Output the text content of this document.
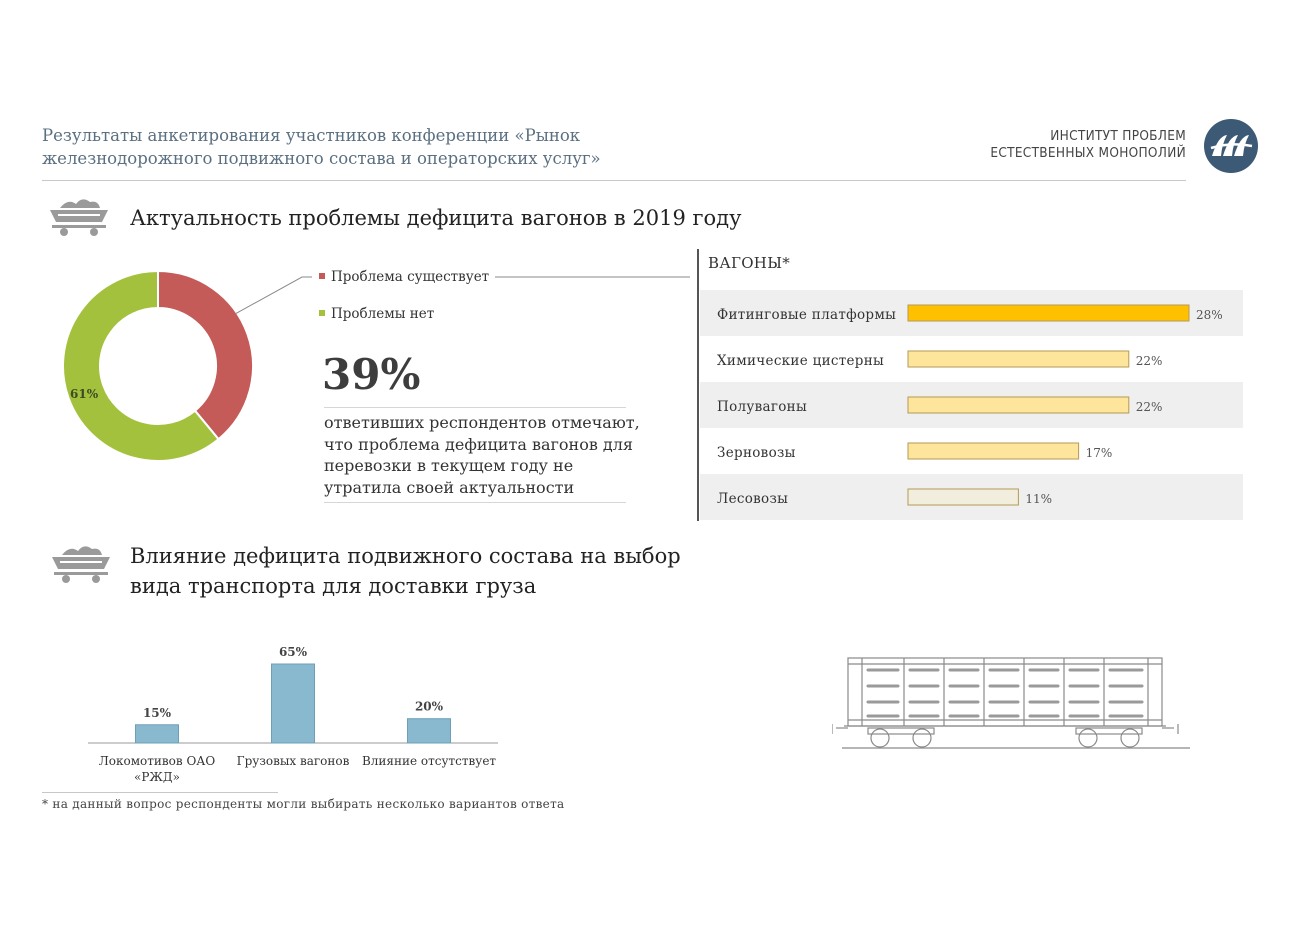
Результаты анкетирования участников конференции «Рынок железнодорожного подвижного состава и операторских услуг»
ИНСТИТУТ ПРОБЛЕМ
ЕСТЕСТВЕННЫХ МОНОПОЛИЙ
Актуальность проблемы дефицита вагонов в 2019 году
61%
Проблема существует
Проблемы нет
39%
ответивших респондентов отмечают, что проблема дефицита вагонов для перевозки в текущем году не утратила своей актуальности
ВАГОНЫ*
Фитинговые платформы	28%
Химические цистерны	22%
Полувагоны	22%
Зерновозы	17%
Лесовозы	11%
Влияние дефицита подвижного состава на выбор вида транспорта для доставки груза
15%
65%
20%
Локомотивов ОАО «РЖД»
Грузовых вагонов Влияние отсутствует
* на данный вопрос респонденты могли выбирать несколько вариантов ответа
